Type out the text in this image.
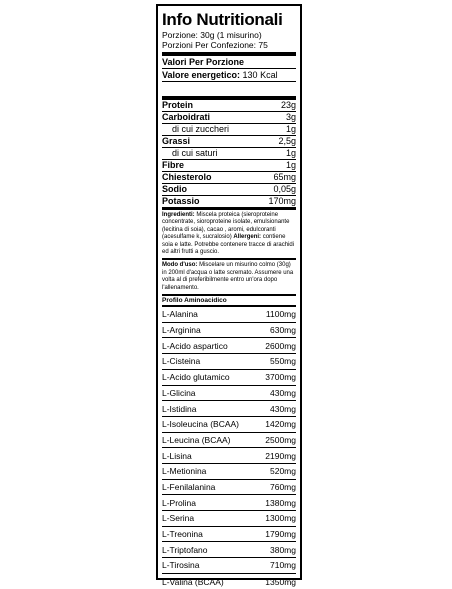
Info Nutritionali
Porzione: 30g (1 misurino)
Porzioni Per Confezione: 75
Valori Per Porzione
Valore energetico: 130 Kcal
Protein	23g
Carboidrati	3g
di cui zuccheri	1g
Grassi	2,5g
di cui saturi	1g
Fibre	1g
Chiesterolo	65mg
Sodio	0,05g
Potassio	170mg
Ingredienti: Miscela proteica (sieroproteine concentrate, sioroproteine isolate, emulsionante (lecitina di soia), cacao , aromi, edulcoranti (acesulfame k, sucralosio) Allergeni: contiene soia e latte. Potrebbe contenere tracce di arachidi ed altri frutti a guscio.
Modo d'uso: Miscelare un misurino colmo (30g) in 200ml d'acqua o latte scremato. Assumere una volta al di preferibilmente entro un'ora dopo l'allenamento.
Profilo Aminoacidico
L-Alanina	1100mg
L-Arginina	630mg
L-Acido aspartico	2600mg
L-Cisteina	550mg
L-Acido glutamico	3700mg
L-Glicina	430mg
L-Istidina	430mg
L-Isoleucina (BCAA)	1420mg
L-Leucina (BCAA)	2500mg
L-Lisina	2190mg
L-Metionina	520mg
L-Fenilalanina	760mg
L-Prolina	1380mg
L-Serina	1300mg
L-Treonina	1790mg
L-Triptofano	380mg
L-Tirosina	710mg
L-Valina (BCAA)	1350mg
